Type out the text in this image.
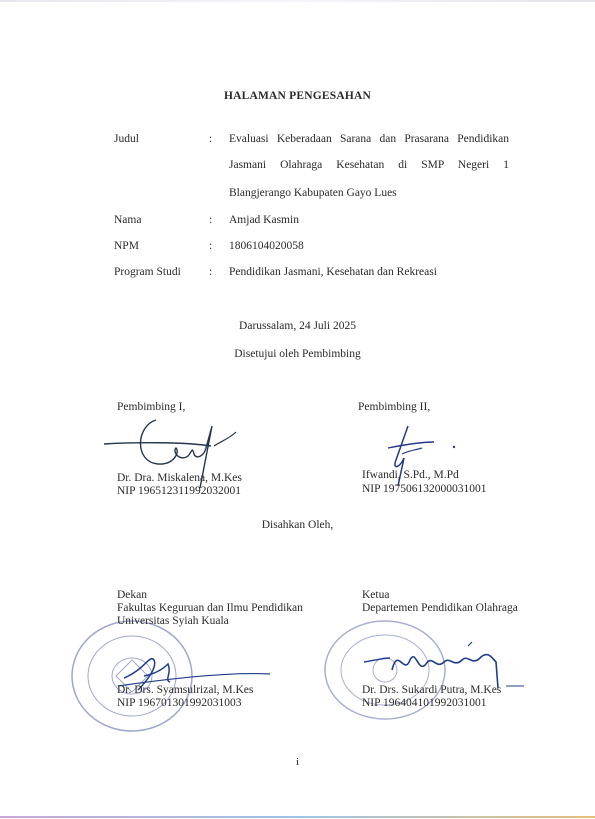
HALAMAN PENGESAHAN
Judul	: Evaluasi Keberadaan Sarana dan Prasarana Pendidikan
Jasmani Olahraga Kesehatan di SMP Negeri 1
Blangjerango Kabupaten Gayo Lues
Nama	: Amjad Kasmin
NPM	: 1806104020058
Program Studi : Pendidikan Jasmani, Kesehatan dan Rekreasi
Darussalam, 24 Juli 2025
Disetujui oleh Pembimbing
Pembimbing I,	Pembimbing II,
Dr. Dra. Miskalena, M.Kes
NIP 196512311992032001
Ifwandi, S.Pd., M.Pd
NIP 197506132000031001
Disahkan Oleh,
Dekan
Fakultas Keguruan dan Ilmu Pendidikan
Universitas Syiah Kuala
Ketua
Departemen Pendidikan Olahraga
Dr. Drs. Syamsulrizal, M.Kes
NIP 196701301992031003
Dr. Drs. Sukardi Putra, M.Kes
NIP 196404101992031001
i
